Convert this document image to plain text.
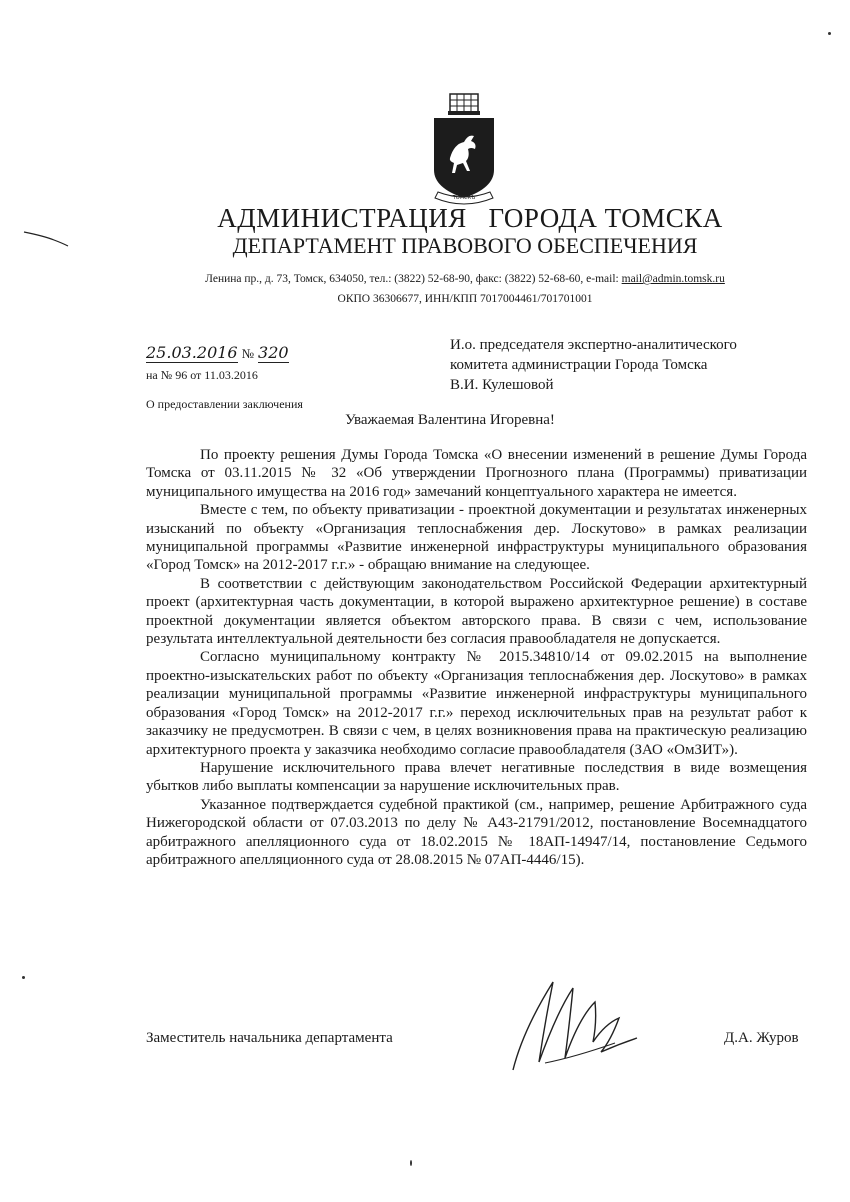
ТОМСКЪ
АДМИНИСТРАЦИЯ   ГОРОДА ТОМСКА
ДЕПАРТАМЕНТ ПРАВОВОГО ОБЕСПЕЧЕНИЯ
Ленина пр., д. 73, Томск, 634050, тел.: (3822) 52-68-90, факс: (3822) 52-68-60, e-mail: mail@admin.tomsk.ru
ОКПО 36306677, ИНН/КПП 7017004461/701701001
25.03.2016 № 320
на № 96 от 11.03.2016
О предоставлении заключения
И.о. председателя экспертно-аналитического
комитета администрации Города Томска
В.И. Кулешовой
Уважаемая Валентина Игоревна!

По проекту решения Думы Города Томска «О внесении изменений в решение Думы Города Томска от 03.11.2015 № 32 «Об утверждении Прогнозного плана (Программы) приватизации муниципального имущества на 2016 год» замечаний концептуального характера не имеется.

Вместе с тем, по объекту приватизации - проектной документации и результатах инженерных изысканий по объекту «Организация теплоснабжения дер. Лоскутово» в рамках реализации муниципальной программы «Развитие инженерной инфраструктуры муниципального образования «Город Томск» на 2012-2017 г.г.» - обращаю внимание на следующее.

В соответствии с действующим законодательством Российской Федерации архитектурный проект (архитектурная часть документации, в которой выражено архитектурное решение) в составе проектной документации является объектом авторского права. В связи с чем, использование результата интеллектуальной деятельности без согласия правообладателя не допускается.

Согласно муниципальному контракту № 2015.34810/14 от 09.02.2015 на выполнение проектно-изыскательских работ по объекту «Организация теплоснабжения дер. Лоскутово» в рамках реализации муниципальной программы «Развитие инженерной инфраструктуры муниципального образования «Город Томск» на 2012-2017 г.г.» переход исключительных прав на результат работ к заказчику не предусмотрен. В связи с чем, в целях возникновения права на практическую реализацию архитектурного проекта у заказчика необходимо согласие правообладателя (ЗАО «ОмЗИТ»).

Нарушение исключительного права влечет негативные последствия в виде возмещения убытков либо выплаты компенсации за нарушение исключительных прав.

Указанное подтверждается судебной практикой (см., например, решение Арбитражного суда Нижегородской области от 07.03.2013 по делу № А43-21791/2012, постановление Восемнадцатого арбитражного апелляционного суда от 18.02.2015 № 18АП-14947/14, постановление Седьмого арбитражного апелляционного суда от 28.08.2015 № 07АП-4446/15).

Заместитель начальника департамента	Д.А. Журов
